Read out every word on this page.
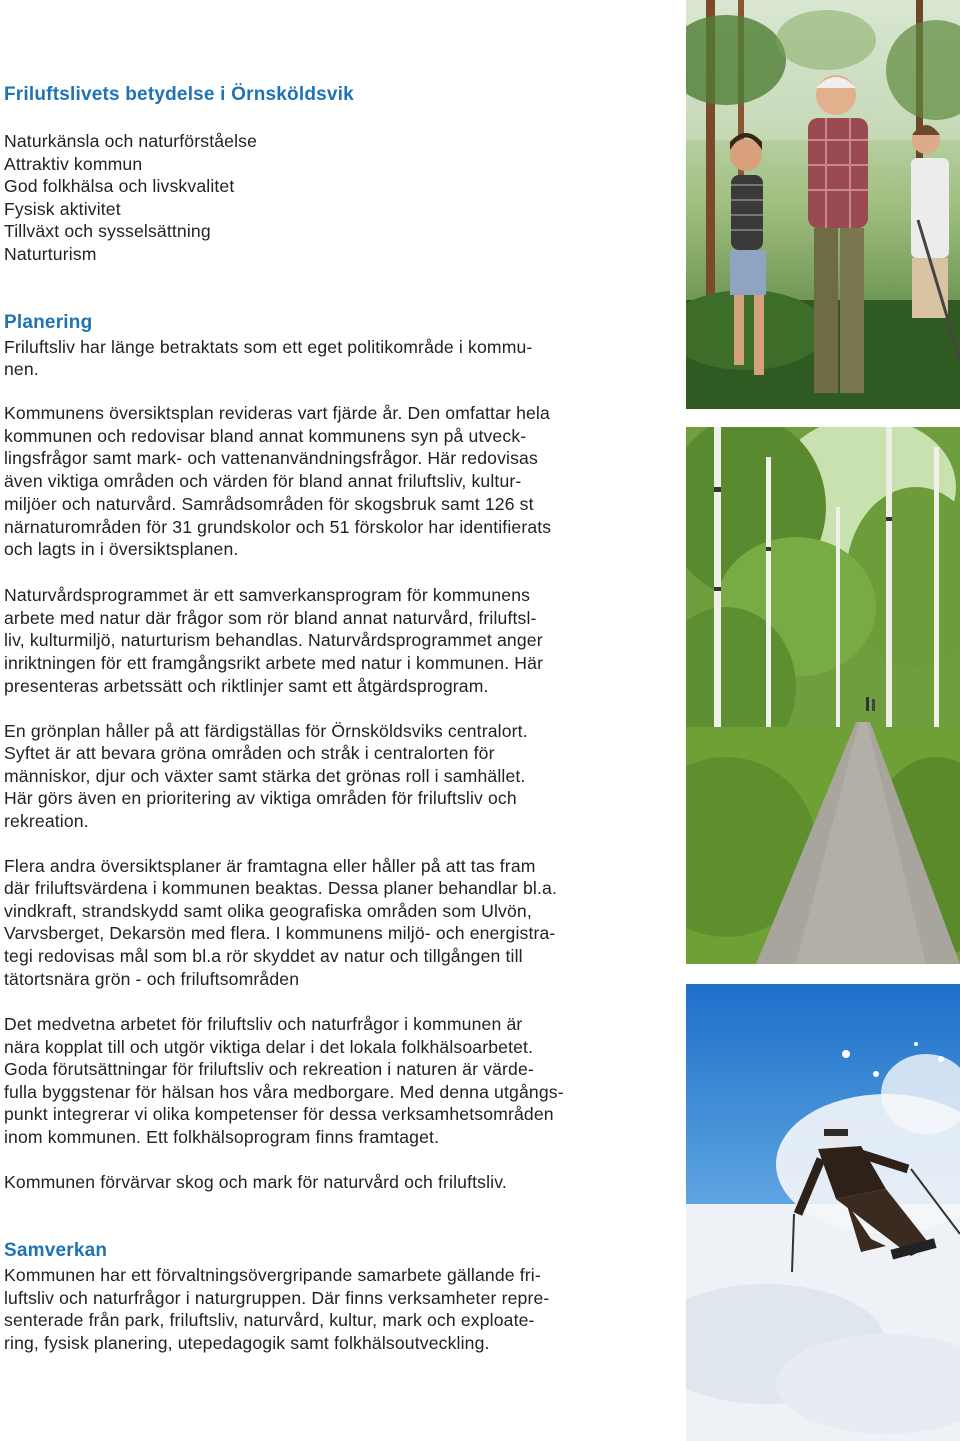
Friluftslivets betydelse i Örnsköldsvik

Naturkänsla och naturförståelse

Attraktiv kommun

God folkhälsa och livskvalitet

Fysisk aktivitet

Tillväxt och sysselsättning

Naturturism

Planering

Friluftsliv har länge betraktats som ett eget politikområde i kommu-

nen.

Kommunens översiktsplan revideras vart fjärde år. Den omfattar hela

kommunen och redovisar bland annat kommunens syn på utveck-

lingsfrågor samt mark- och vattenanvändningsfrågor. Här redovisas

även viktiga områden och värden för bland annat friluftsliv, kultur-

miljöer och naturvård. Samrådsområden för skogsbruk samt 126 st

närnaturområden för 31 grundskolor och 51 förskolor har identifierats

och lagts in i översiktsplanen.

Naturvårdsprogrammet är ett samverkansprogram för kommunens

arbete med natur där frågor som rör bland annat naturvård, friluftsl-

liv, kulturmiljö, naturturism behandlas. Naturvårdsprogrammet anger

inriktningen för ett framgångsrikt arbete med natur i kommunen. Här

presenteras arbetssätt och riktlinjer samt ett åtgärdsprogram.

En grönplan håller på att färdigställas för Örnsköldsviks centralort.

Syftet är att bevara gröna områden och stråk i centralorten för

människor, djur och växter samt stärka det grönas roll i samhället.

Här görs även en prioritering av viktiga områden för friluftsliv och

rekreation.

Flera andra översiktsplaner är framtagna eller håller på att tas fram

där friluftsvärdena i kommunen beaktas. Dessa planer behandlar bl.a.

vindkraft, strandskydd samt olika geografiska områden som Ulvön,

Varvsberget, Dekarsön med flera. I kommunens miljö- och energistra-

tegi redovisas mål som bl.a rör skyddet av natur och tillgången till

tätortsnära grön - och friluftsområden

Det medvetna arbetet för friluftsliv och naturfrågor i kommunen är

nära kopplat till och utgör viktiga delar i det lokala folkhälsoarbetet.

Goda förutsättningar för friluftsliv och rekreation i naturen är värde-

fulla byggstenar för hälsan hos våra medborgare. Med denna utgångs-

punkt integrerar vi olika kompetenser för dessa verksamhetsområden

inom kommunen. Ett folkhälsoprogram finns framtaget.

Kommunen förvärvar skog och mark för naturvård och friluftsliv.

Samverkan

Kommunen har ett förvaltningsövergripande samarbete gällande fri-

luftsliv och naturfrågor i naturgruppen. Där finns verksamheter repre-

senterade från park, friluftsliv, naturvård, kultur, mark och exploate-

ring, fysisk planering, utepedagogik samt folkhälsoutveckling.
